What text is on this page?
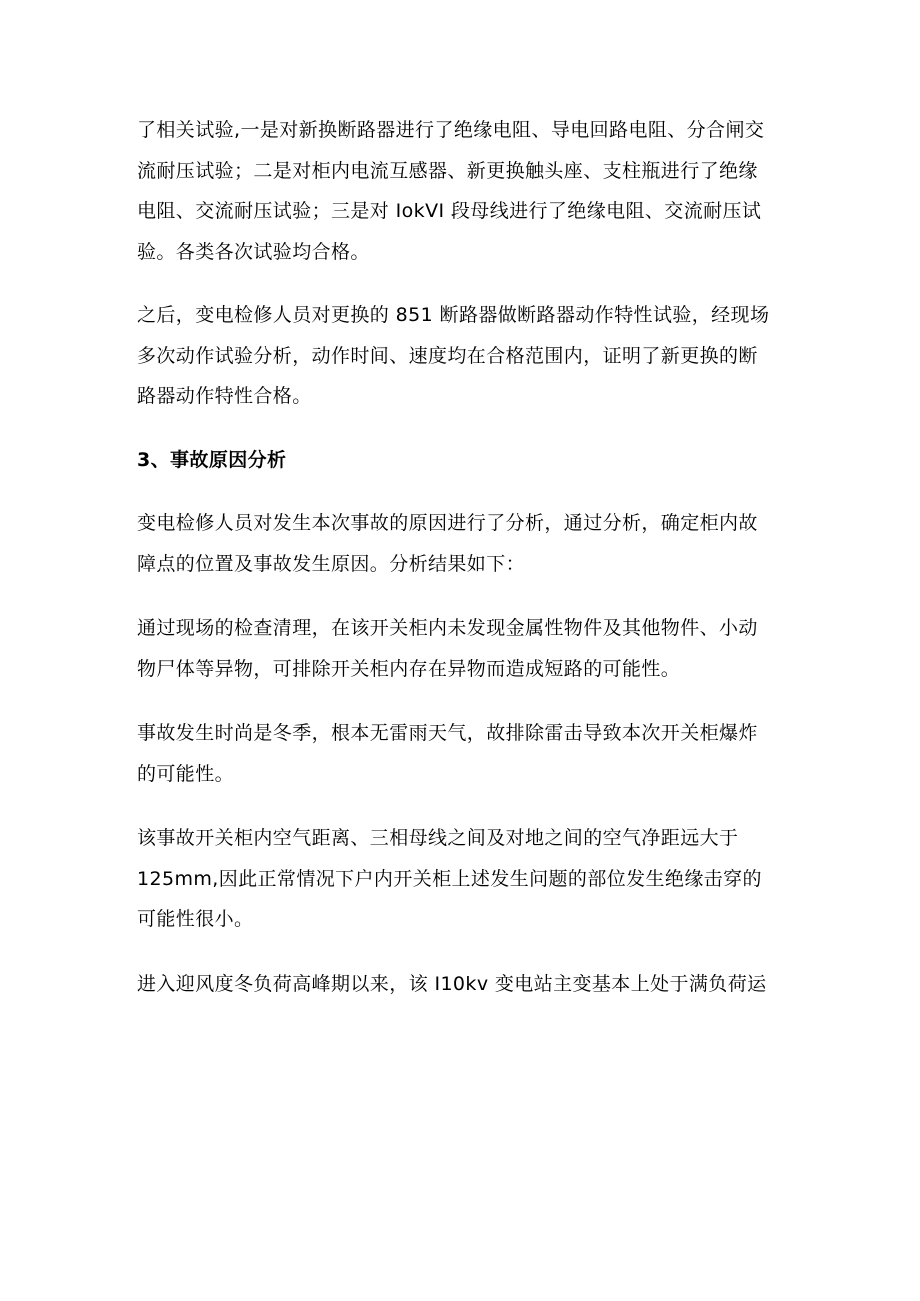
了相关试验,一是对新换断路器进行了绝缘电阻、导电回路电阻、分合闸交
流耐压试验；二是对柜内电流互感器、新更换触头座、支柱瓶进行了绝缘
电阻、交流耐压试验；三是对 IokVI 段母线进行了绝缘电阻、交流耐压试
验。各类各次试验均合格。

之后，变电检修人员对更换的 851 断路器做断路器动作特性试验，经现场
多次动作试验分析，动作时间、速度均在合格范围内，证明了新更换的断
路器动作特性合格。

3、事故原因分析

变电检修人员对发生本次事故的原因进行了分析，通过分析，确定柜内故
障点的位置及事故发生原因。分析结果如下：

通过现场的检查清理，在该开关柜内未发现金属性物件及其他物件、小动
物尸体等异物，可排除开关柜内存在异物而造成短路的可能性。

事故发生时尚是冬季，根本无雷雨天气，故排除雷击导致本次开关柜爆炸
的可能性。

该事故开关柜内空气距离、三相母线之间及对地之间的空气净距远大于
125mm,因此正常情况下户内开关柜上述发生问题的部位发生绝缘击穿的
可能性很小。

进入迎风度冬负荷高峰期以来，该 I10kv 变电站主变基本上处于满负荷运
